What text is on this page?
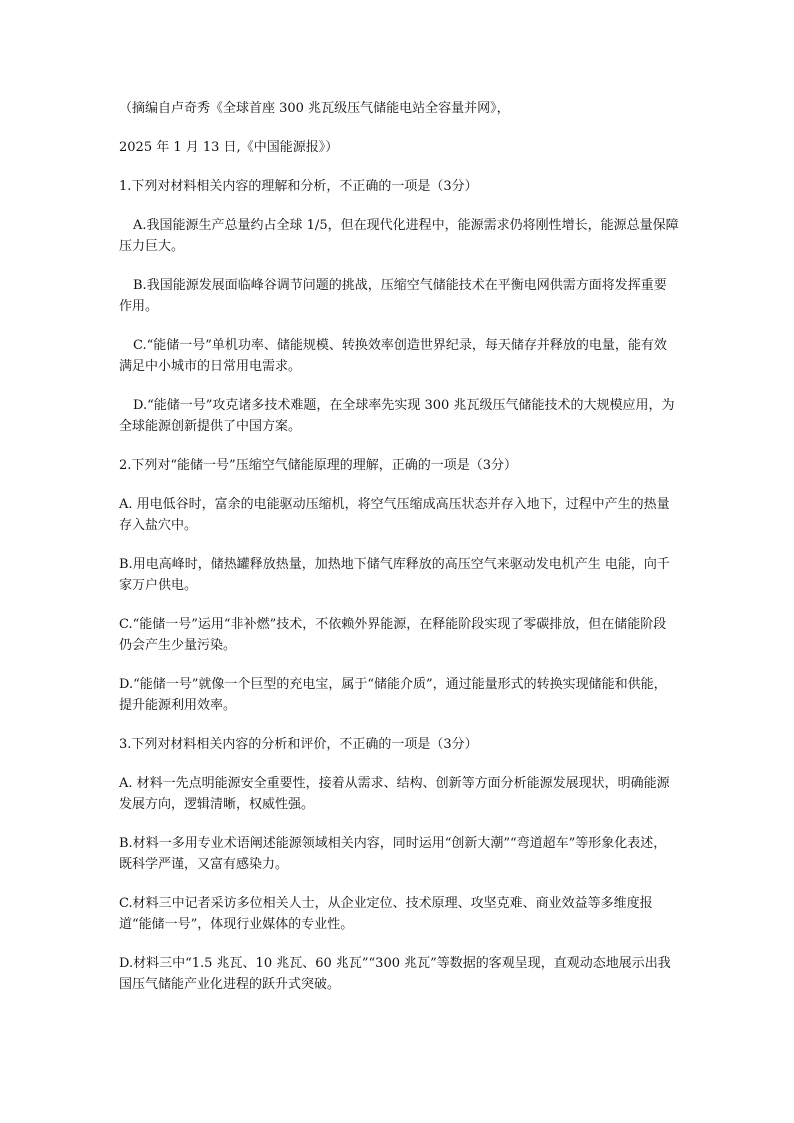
（摘编自卢奇秀《全球首座 300 兆瓦级压气储能电站全容量并网》，

2025 年 1 月 13 日,《中国能源报》）

1.下列对材料相关内容的理解和分析，不正确的一项是（3分）

A.我国能源生产总量约占全球 1/5，但在现代化进程中，能源需求仍将刚性增长，能源总量保障压力巨大。

B.我国能源发展面临峰谷调节问题的挑战，压缩空气储能技术在平衡电网供需方面将发挥重要作用。

C.“能储一号”单机功率、储能规模、转换效率创造世界纪录，每天储存并释放的电量，能有效满足中小城市的日常用电需求。

D.“能储一号”攻克诸多技术难题，在全球率先实现 300 兆瓦级压气储能技术的大规模应用，为全球能源创新提供了中国方案。

2.下列对“能储一号”压缩空气储能原理的理解，正确的一项是（3分）

A. 用电低谷时，富余的电能驱动压缩机，将空气压缩成高压状态并存入地下，过程中产生的热量存入盐穴中。

B.用电高峰时，储热罐释放热量，加热地下储气库释放的高压空气来驱动发电机产生 电能，向千家万户供电。

C.“能储一号”运用“非补燃”技术，不依赖外界能源，在释能阶段实现了零碳排放，但在储能阶段仍会产生少量污染。

D.“能储一号”就像一个巨型的充电宝，属于“储能介质”，通过能量形式的转换实现储能和供能，提升能源利用效率。

3.下列对材料相关内容的分析和评价，不正确的一项是（3分）

A. 材料一先点明能源安全重要性，接着从需求、结构、创新等方面分析能源发展现状，明确能源发展方向，逻辑清晰，权威性强。

B.材料一多用专业术语阐述能源领域相关内容，同时运用“创新大潮”“弯道超车”等形象化表述，既科学严谨，又富有感染力。

C.材料三中记者采访多位相关人士，从企业定位、技术原理、攻坚克难、商业效益等多维度报道“能储一号”，体现行业媒体的专业性。

D.材料三中“1.5 兆瓦、10 兆瓦、60 兆瓦”“300 兆瓦”等数据的客观呈现，直观动态地展示出我国压气储能产业化进程的跃升式突破。
